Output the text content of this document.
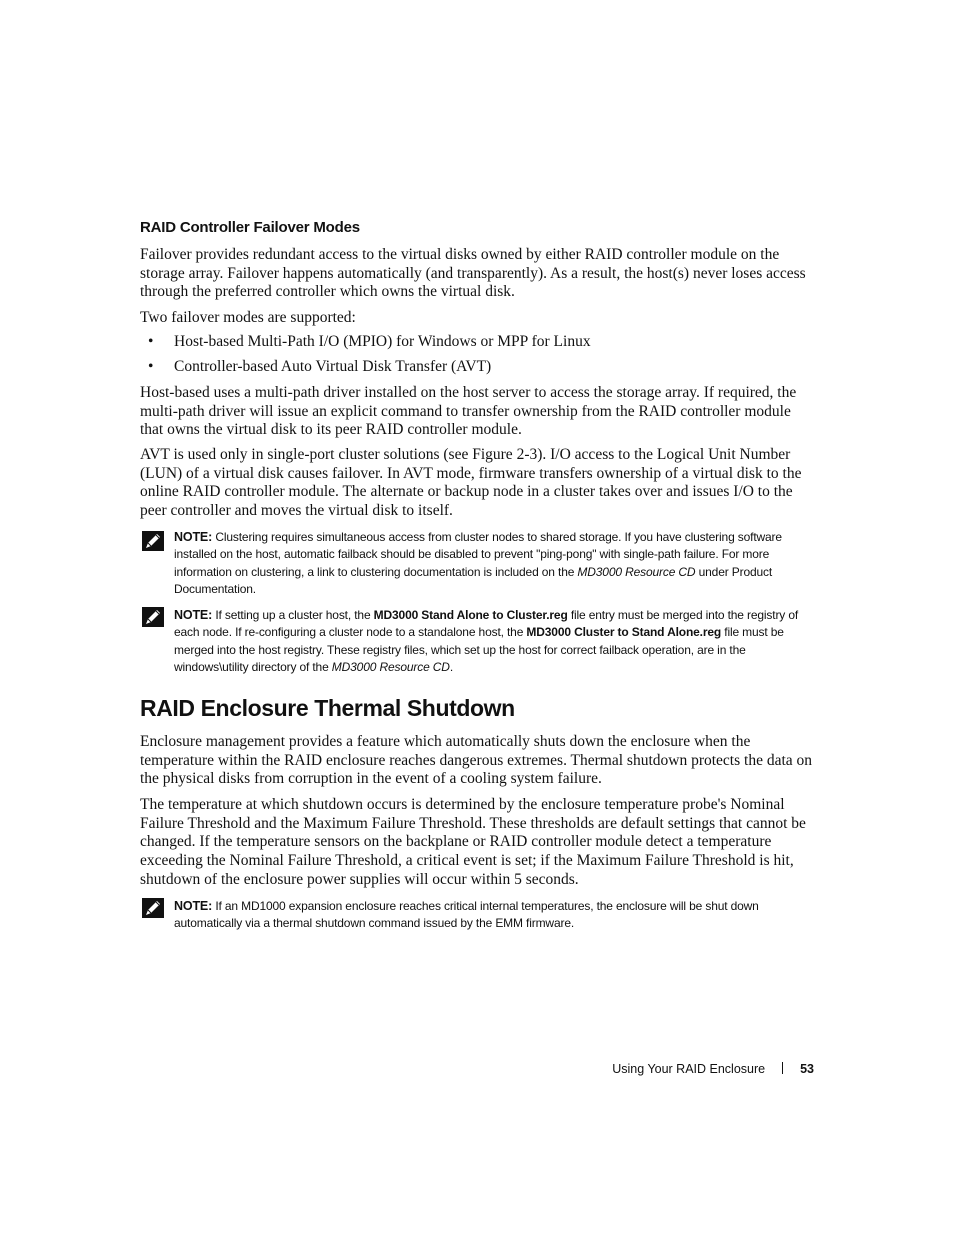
RAID Controller Failover Modes

Failover provides redundant access to the virtual disks owned by either RAID controller module on the storage array. Failover happens automatically (and transparently). As a result, the host(s) never loses access through the preferred controller which owns the virtual disk.

Two failover modes are supported:

• Host-based Multi-Path I/O (MPIO) for Windows or MPP for Linux
• Controller-based Auto Virtual Disk Transfer (AVT)

Host-based uses a multi-path driver installed on the host server to access the storage array. If required, the multi-path driver will issue an explicit command to transfer ownership from the RAID controller module that owns the virtual disk to its peer RAID controller module.

AVT is used only in single-port cluster solutions (see Figure 2-3). I/O access to the Logical Unit Number (LUN) of a virtual disk causes failover. In AVT mode, firmware transfers ownership of a virtual disk to the online RAID controller module. The alternate or backup node in a cluster takes over and issues I/O to the peer controller and moves the virtual disk to itself.

NOTE: Clustering requires simultaneous access from cluster nodes to shared storage. If you have clustering software installed on the host, automatic failback should be disabled to prevent "ping-pong" with single-path failure. For more information on clustering, a link to clustering documentation is included on the MD3000 Resource CD under Product Documentation.

NOTE: If setting up a cluster host, the MD3000 Stand Alone to Cluster.reg file entry must be merged into the registry of each node. If re-configuring a cluster node to a standalone host, the MD3000 Cluster to Stand Alone.reg file must be merged into the host registry. These registry files, which set up the host for correct failback operation, are in the windows\utility directory of the MD3000 Resource CD.

RAID Enclosure Thermal Shutdown

Enclosure management provides a feature which automatically shuts down the enclosure when the temperature within the RAID enclosure reaches dangerous extremes. Thermal shutdown protects the data on the physical disks from corruption in the event of a cooling system failure.

The temperature at which shutdown occurs is determined by the enclosure temperature probe's Nominal Failure Threshold and the Maximum Failure Threshold. These thresholds are default settings that cannot be changed. If the temperature sensors on the backplane or RAID controller module detect a temperature exceeding the Nominal Failure Threshold, a critical event is set; if the Maximum Failure Threshold is hit, shutdown of the enclosure power supplies will occur within 5 seconds.

NOTE: If an MD1000 expansion enclosure reaches critical internal temperatures, the enclosure will be shut down automatically via a thermal shutdown command issued by the EMM firmware.

Using Your RAID Enclosure	53
